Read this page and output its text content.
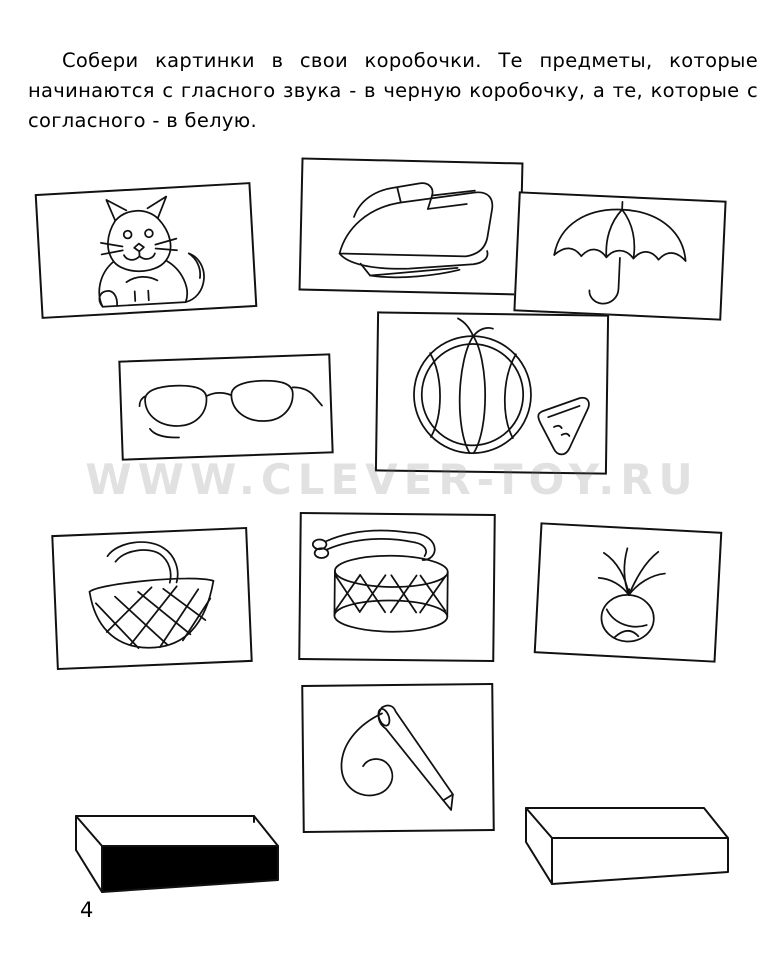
Собери картинки в свои коробочки. Те предметы, которые начинаются с гласного звука - в черную коробочку, а те, которые с согласного - в белую.

WWW.CLEVER-TOY.RU
4
